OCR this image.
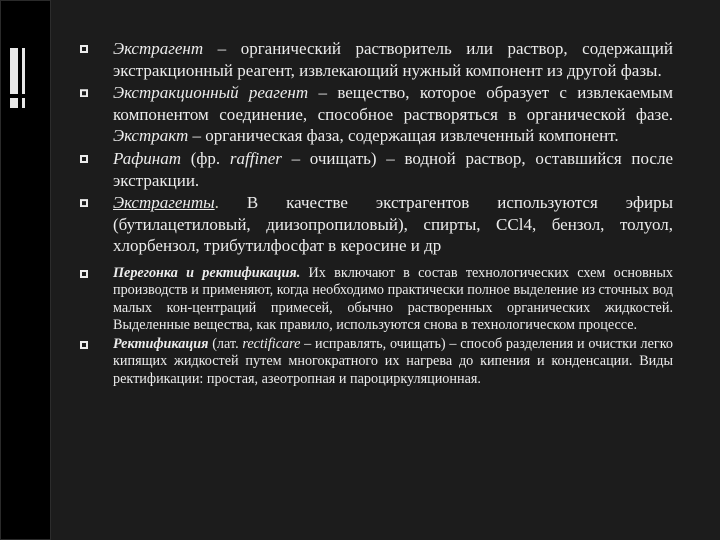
Экстрагент – органический растворитель или раствор, содержащий экстракционный реагент, извлекающий нужный компонент из другой фазы.
Экстракционный реагент – вещество, которое образует с извлекаемым компонентом соединение, способное растворяться в органической фазе. Экстракт – органическая фаза, содержащая извлеченный компонент.
Рафинат (фр. raffiner – очищать) – водной раствор, оставшийся после экстракции.
Экстрагенты. В качестве экстрагентов используются эфиры (бутилацетиловый, диизопропиловый), спирты, CCl4, бензол, толуол, хлорбензол, трибутилфосфат в керосине и др
Перегонка и ректификация. Их включают в состав технологических схем основных производств и применяют, когда необходимо практически полное выделение из сточных вод малых кон-центраций примесей, обычно растворенных органических жидкостей. Выделенные вещества, как правило, используются снова в технологическом процессе.
Ректификация (лат. rectificare – исправлять, очищать) – способ разделения и очистки легко кипящих жидкостей путем многократного их нагрева до кипения и конденсации. Виды ректификации: простая, азеотропная и пароциркуляционная.
